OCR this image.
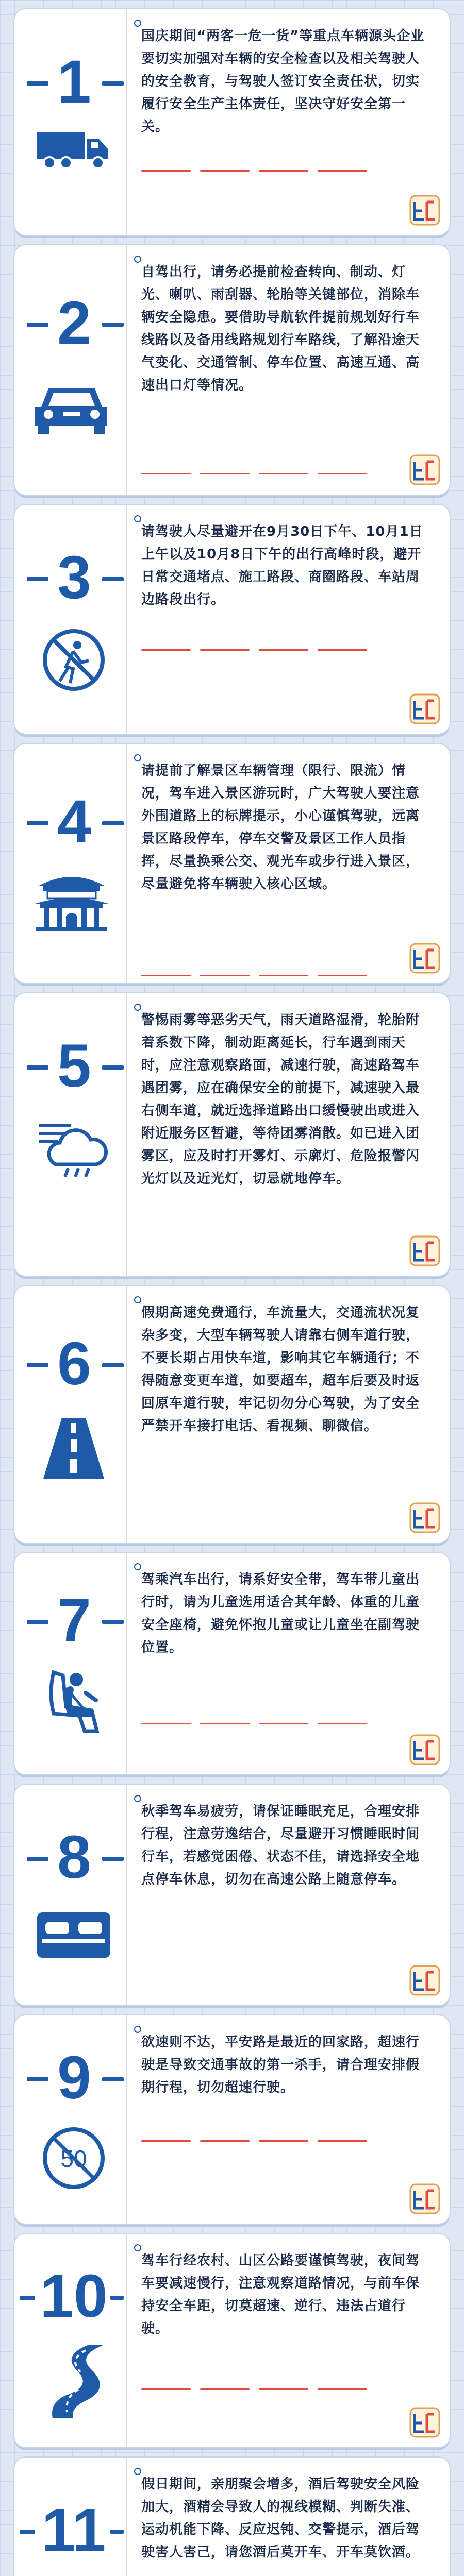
1
国庆期间“两客一危一货”等重点车辆源头企业要切实加强对车辆的安全检查以及相关驾驶人的安全教育，与驾驶人签订安全责任状，切实履行安全生产主体责任，坚决守好安全第一关。
2
自驾出行，请务必提前检查转向、制动、灯光、喇叭、雨刮器、轮胎等关键部位，消除车辆安全隐患。要借助导航软件提前规划好行车线路以及备用线路规划行车路线，了解沿途天气变化、交通管制、停车位置、高速互通、高速出口灯等情况。
3
请驾驶人尽量避开在9月30日下午、10月1日上午以及10月8日下午的出行高峰时段，避开日常交通堵点、施工路段、商圈路段、车站周边路段出行。
4
请提前了解景区车辆管理（限行、限流）情况，驾车进入景区游玩时，广大驾驶人要注意外围道路上的标牌提示，小心谨慎驾驶，远离景区路段停车，停车交警及景区工作人员指挥，尽量换乘公交、观光车或步行进入景区，尽量避免将车辆驶入核心区域。
5
警惕雨雾等恶劣天气，雨天道路湿滑，轮胎附着系数下降，制动距离延长，行车遇到雨天时，应注意观察路面，减速行驶，高速路驾车遇团雾，应在确保安全的前提下，减速驶入最右侧车道，就近选择道路出口缓慢驶出或进入附近服务区暂避，等待团雾消散。如已进入团雾区，应及时打开雾灯、示廓灯、危险报警闪光灯以及近光灯，切忌就地停车。
6
假期高速免费通行，车流量大，交通流状况复杂多变，大型车辆驾驶人请靠右侧车道行驶，不要长期占用快车道，影响其它车辆通行；不得随意变更车道，如要超车，超车后要及时返回原车道行驶，牢记切勿分心驾驶，为了安全严禁开车接打电话、看视频、聊微信。
7
驾乘汽车出行，请系好安全带，驾车带儿童出行时，请为儿童选用适合其年龄、体重的儿童安全座椅，避免怀抱儿童或让儿童坐在副驾驶位置。
8
秋季驾车易疲劳，请保证睡眠充足，合理安排行程，注意劳逸结合，尽量避开习惯睡眠时间行车，若感觉困倦、状态不佳，请选择安全地点停车休息，切勿在高速公路上随意停车。
9
50
欲速则不达，平安路是最近的回家路，超速行驶是导致交通事故的第一杀手，请合理安排假期行程，切勿超速行驶。
10
驾车行经农村、山区公路要谨慎驾驶，夜间驾车要减速慢行，注意观察道路情况，与前车保持安全车距，切莫超速、逆行、违法占道行驶。
11
假日期间，亲朋聚会增多，酒后驾驶安全风险加大，酒精会导致人的视线模糊、判断失准、运动机能下降、反应迟钝、交警提示，酒后驾驶害人害己，请您酒后莫开车、开车莫饮酒。
